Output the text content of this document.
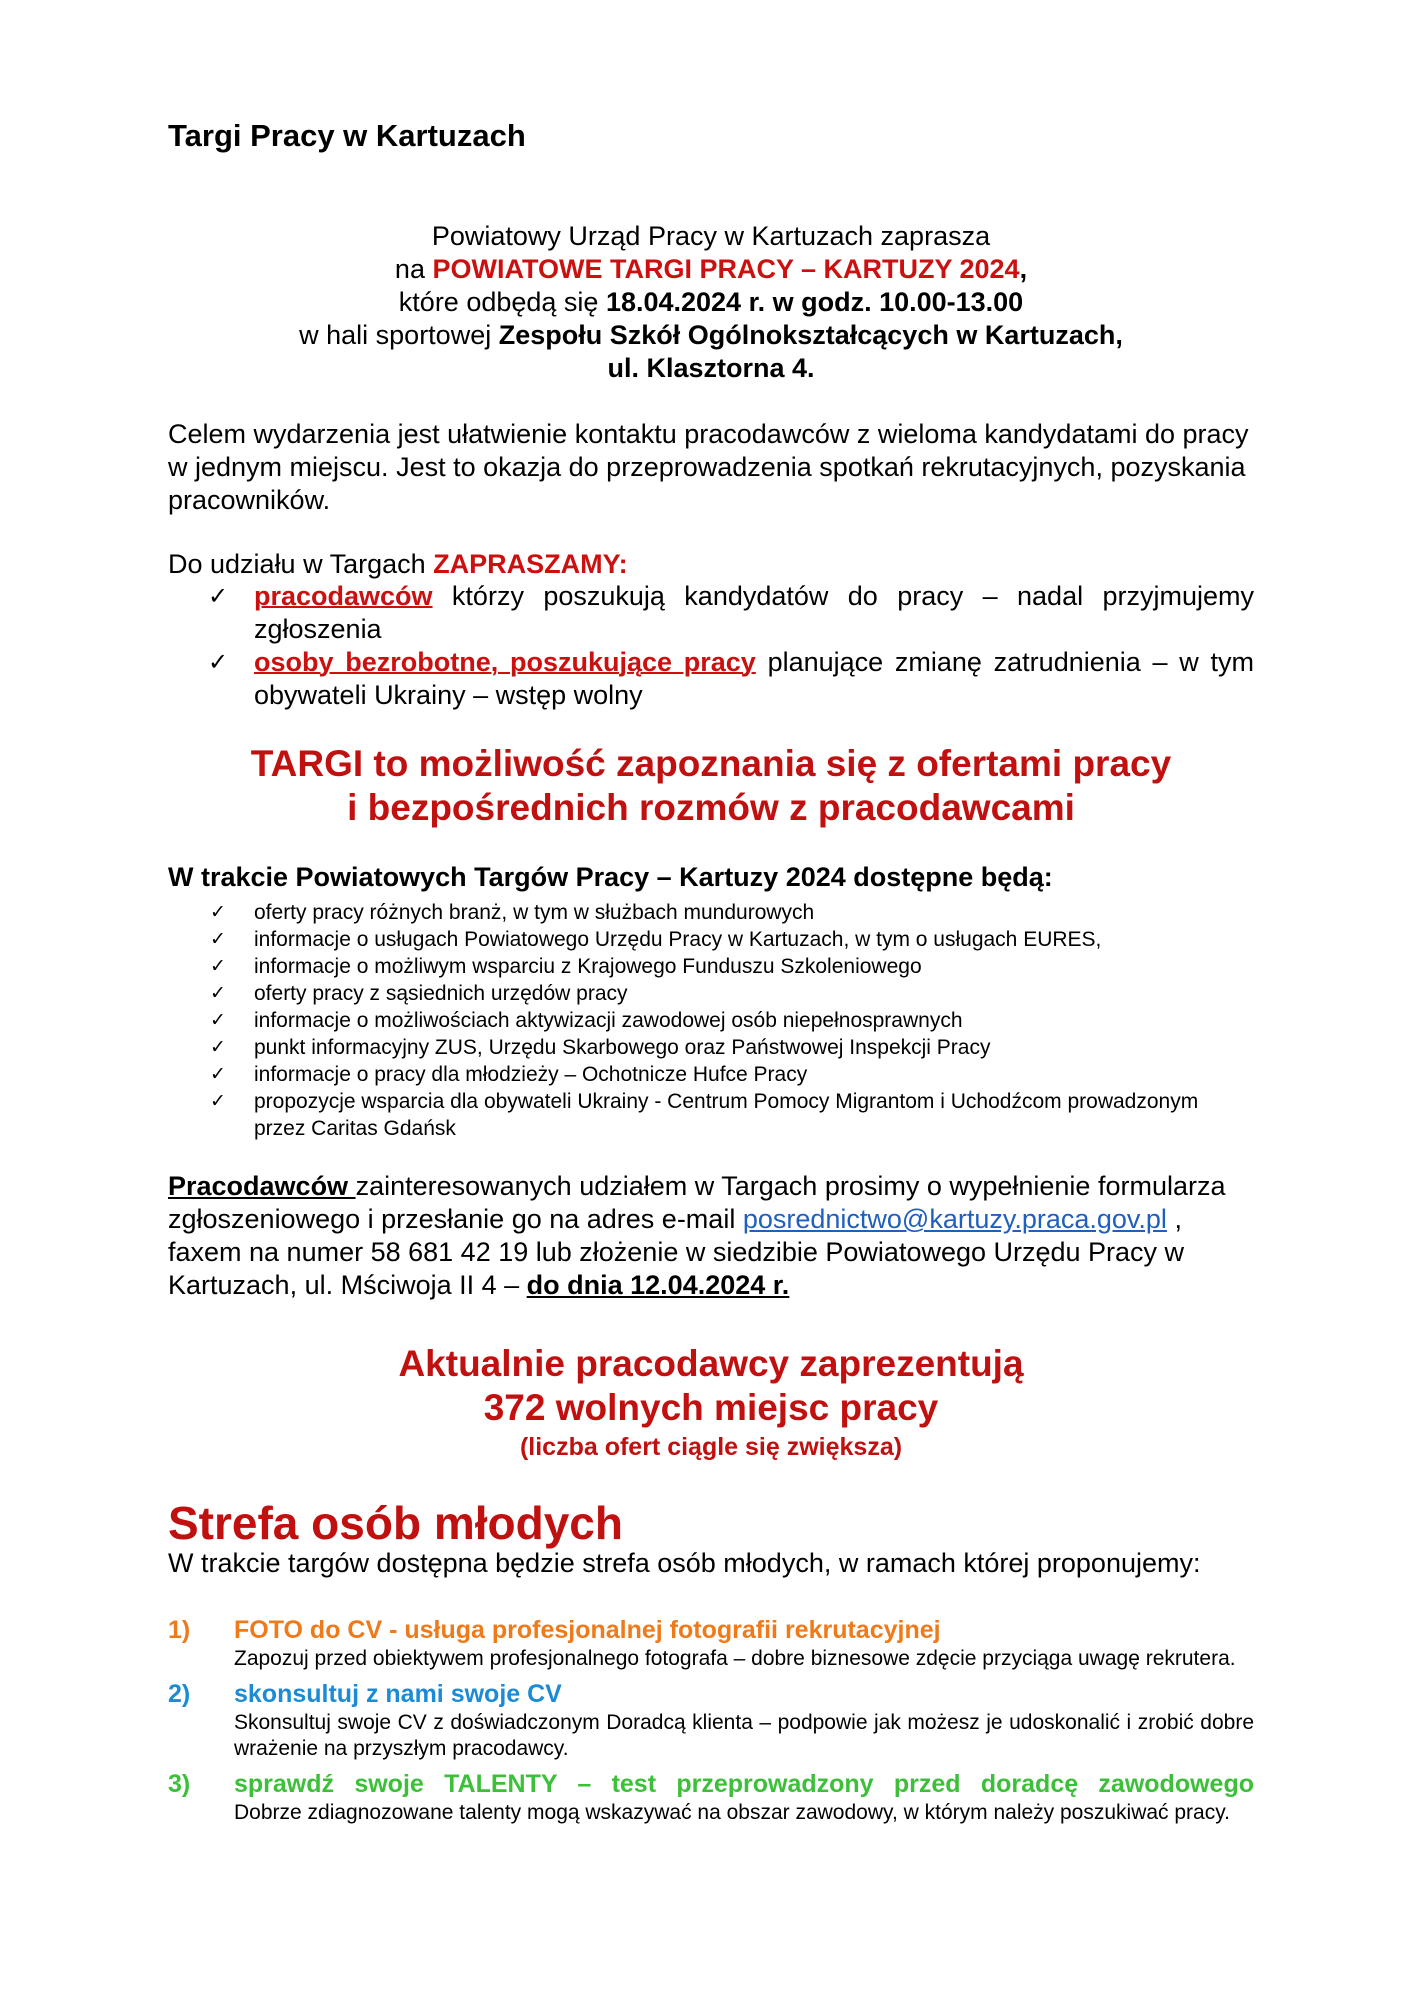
Targi Pracy w Kartuzach
Powiatowy Urząd Pracy w Kartuzach zaprasza
na POWIATOWE TARGI PRACY – KARTUZY 2024,
które odbędą się 18.04.2024 r. w godz. 10.00-13.00
w hali sportowej Zespołu Szkół Ogólnokształcących w Kartuzach,
ul. Klasztorna 4.
Celem wydarzenia jest ułatwienie kontaktu pracodawców z wieloma kandydatami do pracy w jednym miejscu. Jest to okazja do przeprowadzenia spotkań rekrutacyjnych, pozyskania pracowników.
Do udziału w Targach ZAPRASZAMY:
✓ pracodawców którzy poszukują kandydatów do pracy – nadal przyjmujemy zgłoszenia
✓ osoby bezrobotne, poszukujące pracy planujące zmianę zatrudnienia – w tym obywateli Ukrainy – wstęp wolny
TARGI to możliwość zapoznania się z ofertami pracy
i bezpośrednich rozmów z pracodawcami
W trakcie Powiatowych Targów Pracy – Kartuzy 2024 dostępne będą:
✓ oferty pracy różnych branż, w tym w służbach mundurowych
✓ informacje o usługach Powiatowego Urzędu Pracy w Kartuzach, w tym o usługach EURES,
✓ informacje o możliwym wsparciu z Krajowego Funduszu Szkoleniowego
✓ oferty pracy z sąsiednich urzędów pracy
✓ informacje o możliwościach aktywizacji zawodowej osób niepełnosprawnych
✓ punkt informacyjny ZUS, Urzędu Skarbowego oraz Państwowej Inspekcji Pracy
✓ informacje o pracy dla młodzieży – Ochotnicze Hufce Pracy
✓ propozycje wsparcia dla obywateli Ukrainy - Centrum Pomocy Migrantom i Uchodźcom prowadzonym przez Caritas Gdańsk
Pracodawców zainteresowanych udziałem w Targach prosimy o wypełnienie formularza zgłoszeniowego i przesłanie go na adres e-mail posrednictwo@kartuzy.praca.gov.pl , faxem na numer 58 681 42 19 lub złożenie w siedzibie Powiatowego Urzędu Pracy w Kartuzach, ul. Mściwoja II 4 – do dnia 12.04.2024 r.
Aktualnie pracodawcy zaprezentują
372 wolnych miejsc pracy
(liczba ofert ciągle się zwiększa)
Strefa osób młodych
W trakcie targów dostępna będzie strefa osób młodych, w ramach której proponujemy:
1) FOTO do CV - usługa profesjonalnej fotografii rekrutacyjnej
Zapozuj przed obiektywem profesjonalnego fotografa – dobre biznesowe zdęcie przyciąga uwagę rekrutera.
2) skonsultuj z nami swoje CV
Skonsultuj swoje CV z doświadczonym Doradcą klienta – podpowie jak możesz je udoskonalić i zrobić dobre wrażenie na przyszłym pracodawcy.
3) sprawdź swoje TALENTY – test przeprowadzony przed doradcę zawodowego
Dobrze zdiagnozowane talenty mogą wskazywać na obszar zawodowy, w którym należy poszukiwać pracy.
